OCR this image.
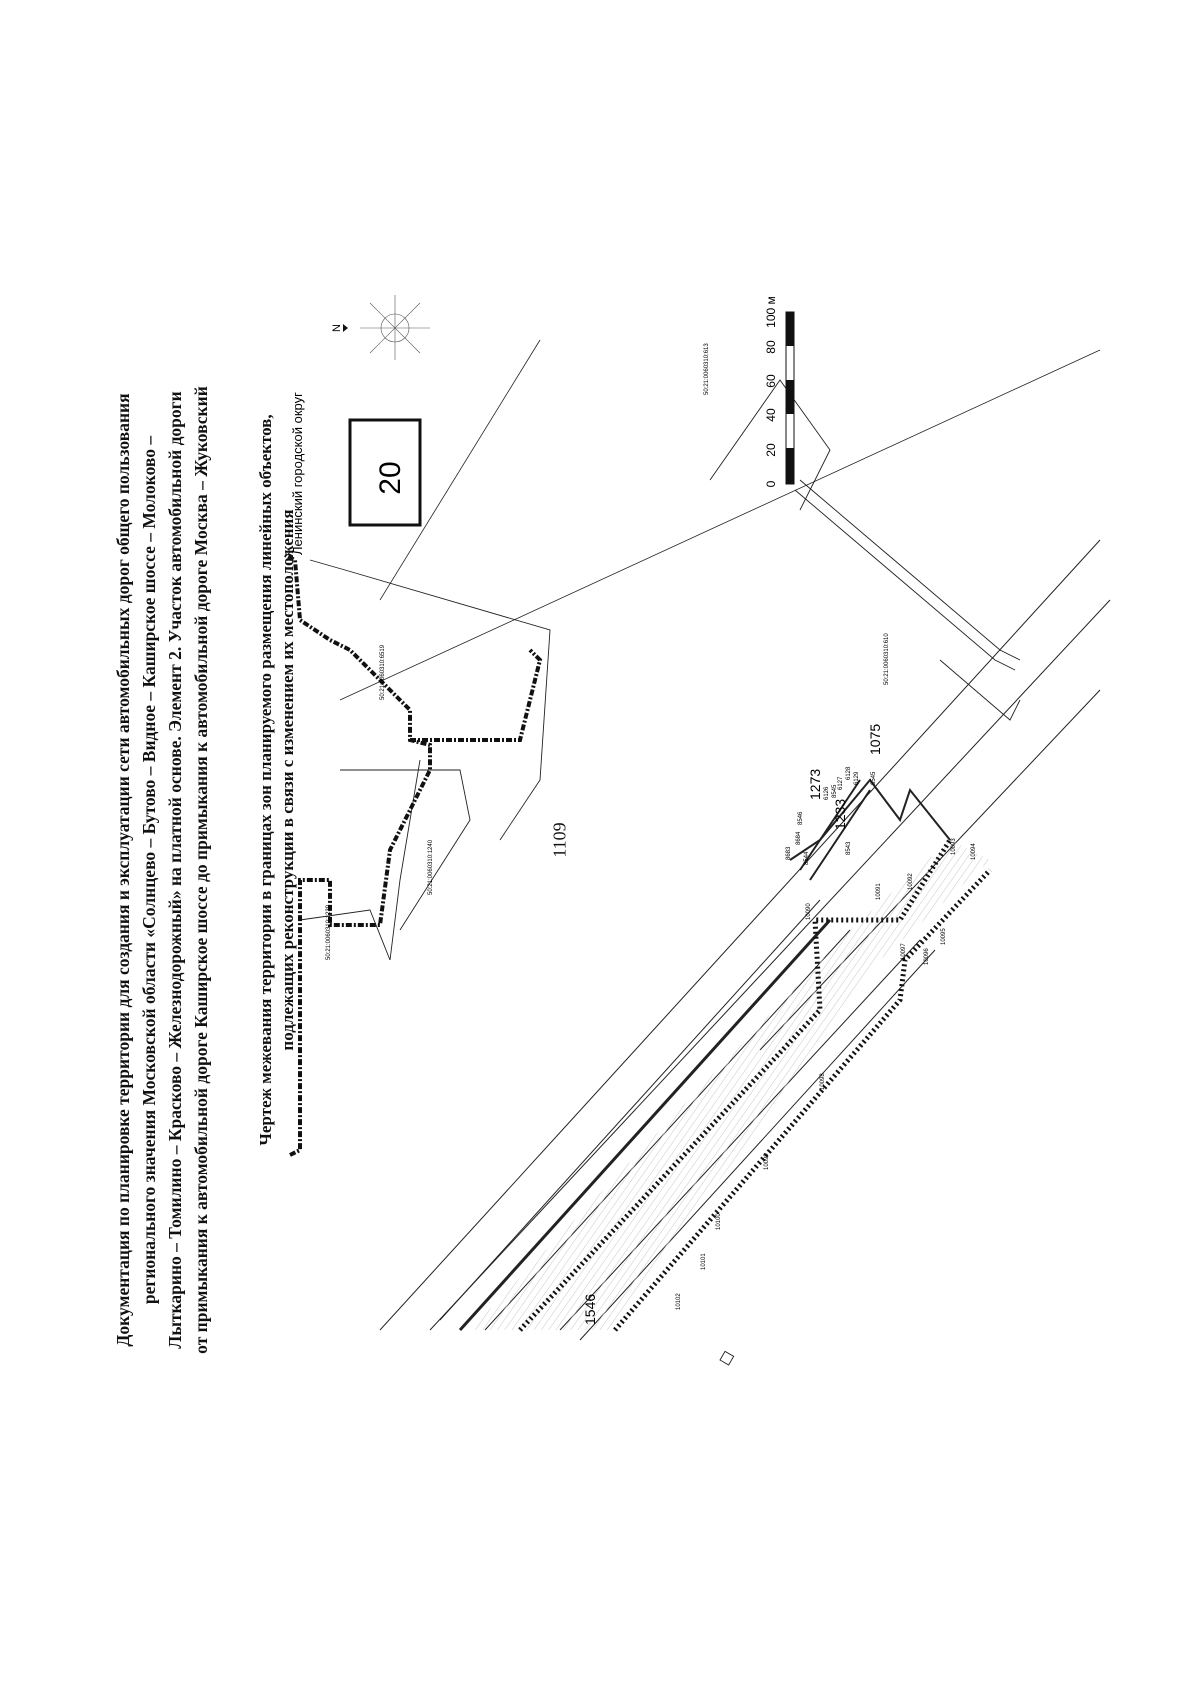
1109
Документация по планировке территории для создания и эксплуатации сети автомобильных дорог общего пользования регионального значения Московской области «Солнцево – Бутово – Видное – Каширское шоссе – Молоково – Лыткарино – Томилино – Красково – Железнодорожный» на платной основе. Элемент 2. Участок автомобильной дороги от примыкания к автомобильной дороге Каширское шоссе до примыкания к автомобильной дороге Москва – Жуковский	Чертеж межевания территории в границах зон планируемого размещения линейных объектов, подлежащих реконструкции в связи с изменением их местоположения
20
Ленинский городской округ
N
0
20
40
60
80
100 м
50:21:0060310:613
50:21:0060310:610
50:21:0060310:1240
50:21:0060310:1239
50:21:0060310:6519
1075
1273
1233
1546
8544
8543
8545
6128 6129
6127
6126 8545
8546
8683
8684
10090
10091
10092
10093 10094
10095
10096
10097
10098
10099
10100
10101
10102
